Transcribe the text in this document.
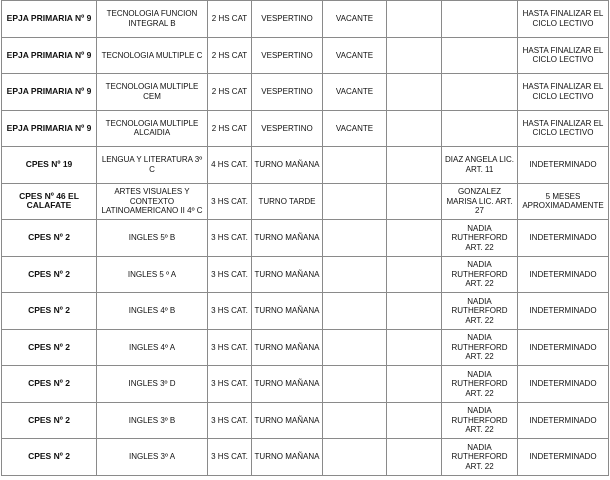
EPJA PRIMARIA Nº 9	TECNOLOGIA FUNCION INTEGRAL B	2 HS CAT	VESPERTINO	VACANTE			HASTA FINALIZAR EL CICLO LECTIVO
EPJA PRIMARIA Nº 9	TECNOLOGIA MULTIPLE C	2 HS CAT	VESPERTINO	VACANTE			HASTA FINALIZAR EL CICLO LECTIVO
EPJA PRIMARIA Nº 9	TECNOLOGIA MULTIPLE CEM	2 HS CAT	VESPERTINO	VACANTE			HASTA FINALIZAR EL CICLO LECTIVO
EPJA PRIMARIA Nº 9	TECNOLOGIA MULTIPLE ALCAIDIA	2 HS CAT	VESPERTINO	VACANTE			HASTA FINALIZAR EL CICLO LECTIVO
CPES Nº 19	LENGUA Y LITERATURA 3º C	4 HS CAT.	TURNO MAÑANA			DIAZ ANGELA LIC. ART. 11	INDETERMINADO
CPES Nº 46 EL CALAFATE	ARTES VISUALES Y CONTEXTO LATINOAMERICANO II 4º C	3 HS CAT.	TURNO TARDE			GONZALEZ MARISA LIC. ART. 27	5 MESES APROXIMADAMENTE
CPES Nº 2	INGLES 5º B	3 HS CAT.	TURNO MAÑANA			NADIA RUTHERFORD ART. 22	INDETERMINADO
CPES Nº 2	INGLES 5 º A	3 HS CAT.	TURNO MAÑANA			NADIA RUTHERFORD ART. 22	INDETERMINADO
CPES Nº 2	INGLES 4º B	3 HS CAT.	TURNO MAÑANA			NADIA RUTHERFORD ART. 22	INDETERMINADO
CPES Nº 2	INGLES 4º A	3 HS CAT.	TURNO MAÑANA			NADIA RUTHERFORD ART. 22	INDETERMINADO
CPES Nº 2	INGLES 3º D	3 HS CAT.	TURNO MAÑANA			NADIA RUTHERFORD ART. 22	INDETERMINADO
CPES Nº 2	INGLES 3º B	3 HS CAT.	TURNO MAÑANA			NADIA RUTHERFORD ART. 22	INDETERMINADO
CPES Nº 2	INGLES 3º A	3 HS CAT.	TURNO MAÑANA			NADIA RUTHERFORD ART. 22	INDETERMINADO
